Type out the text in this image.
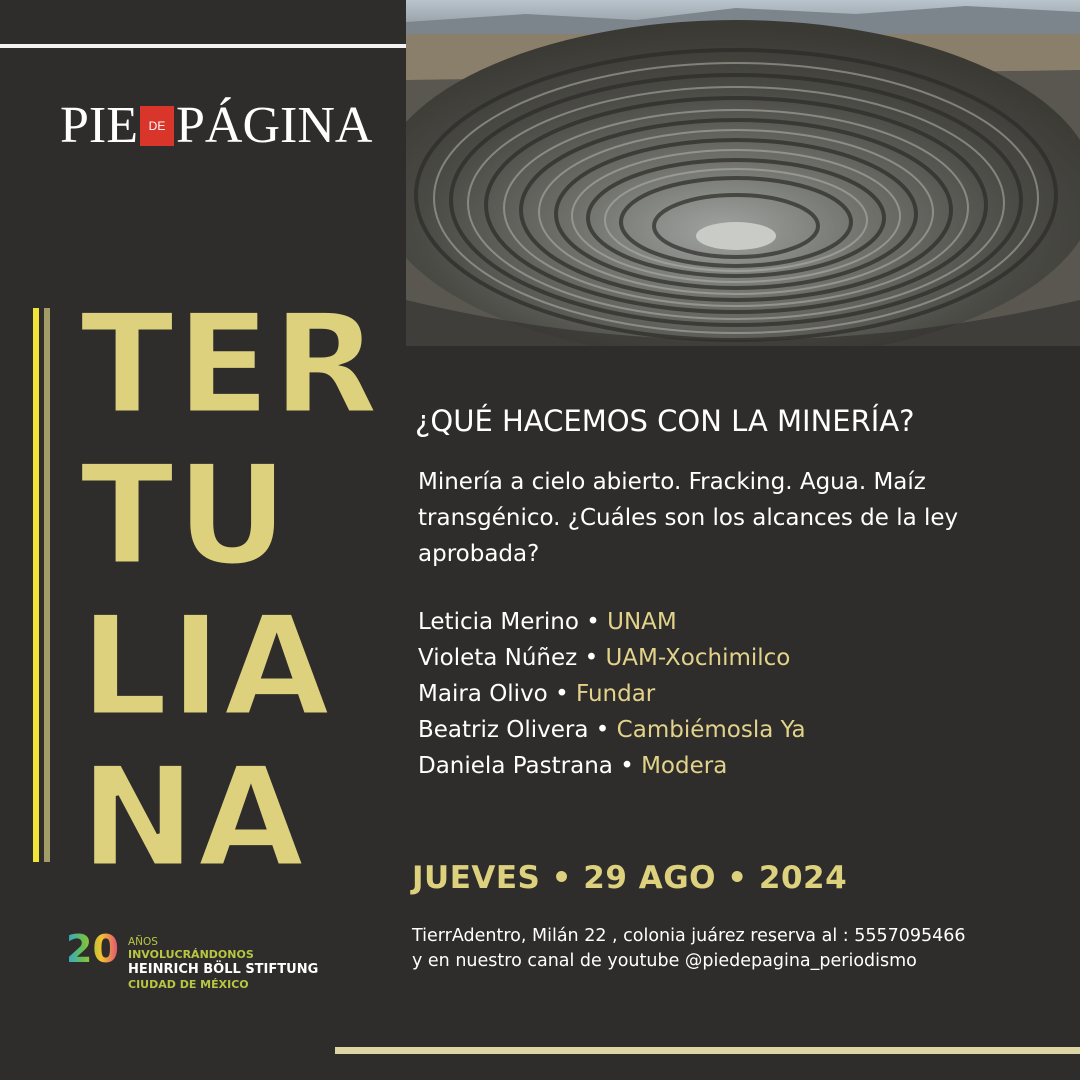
PIE DE PÁGINA
TER
TU
LIA
NA
¿QUÉ HACEMOS CON LA MINERÍA?
Minería a cielo abierto. Fracking. Agua. Maíz transgénico. ¿Cuáles son los alcances de la ley aprobada?
Leticia Merino • UNAM
Violeta Núñez • UAM-Xochimilco
Maira Olivo • Fundar
Beatriz Olivera • Cambiémosla Ya
Daniela Pastrana • Modera
JUEVES • 29 AGO • 2024
TierrAdentro, Milán 22 , colonia juárez reserva al : 5557095466 y en nuestro canal de youtube @piedepagina_periodismo
20 AÑOS
INVOLUCRÁNDONOS
HEINRICH BÖLL STIFTUNG
CIUDAD DE MÉXICO
